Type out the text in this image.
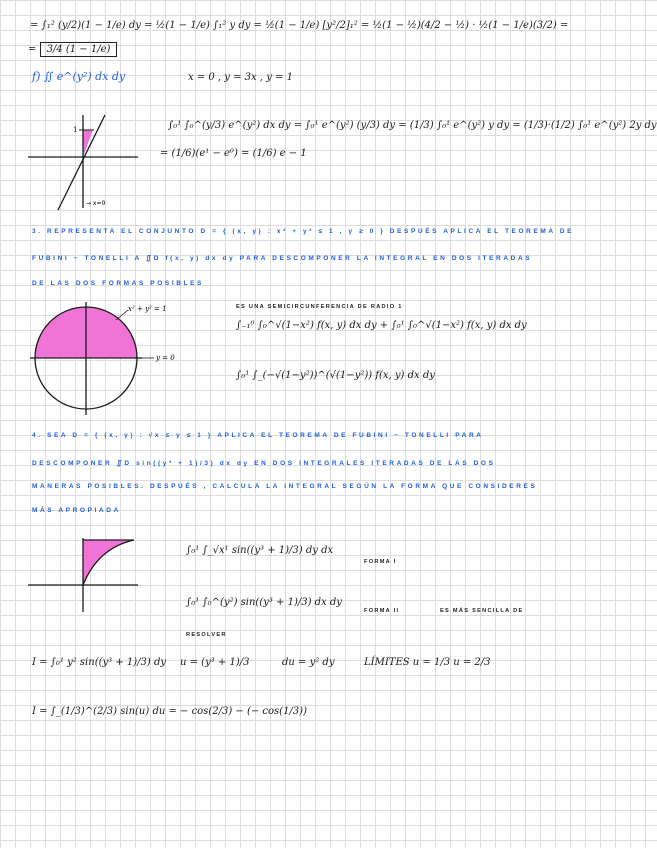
= ∫₁² (y/2)(1 − 1/e) dy = ½(1 − 1/e) ∫₁² y dy = ½(1 − 1/e) [y²/2]₁² = ½(1 − ½)(4/2 − ½) · ½(1 − 1/e)(3/2) =
= 3/4 (1 − 1/e)
f) ∬ e^(y²) dx dy	x = 0 , y = 3x , y = 1
1
→ x=0
∫₀¹ ∫₀^(y/3) e^(y²) dx dy = ∫₀¹ e^(y²) (y/3) dy = (1/3) ∫₀¹ e^(y²) y dy = (1/3)·(1/2) ∫₀¹ e^(y²) 2y dy
= (1/6)(e¹ − e⁰) = (1/6) e − 1
3. REPRESENTA EL CONJUNTO D = { (x, y) : x² + y² ≤ 1 , y ≥ 0 } DESPUÉS APLICA EL TEOREMA DE
FUBINI − TONELLI A ∬D f(x, y) dx dy PARA DESCOMPONER LA INTEGRAL EN DOS ITERADAS
DE LAS DOS FORMAS POSIBLES
x² + y² = 1
y = 0
ES UNA SEMICIRCUNFERENCIA DE RADIO 1
∫₋₁⁰ ∫₀^√(1−x²) f(x, y) dx dy + ∫₀¹ ∫₀^√(1−x²) f(x, y) dx dy
∫₀¹ ∫_(−√(1−y²))^(√(1−y²)) f(x, y) dx dy
4. SEA D = { (x, y) : √x ≤ y ≤ 1 } APLICA EL TEOREMA DE FUBINI − TONELLI PARA
DESCOMPONER ∬D sin((y³ + 1)/3) dx dy EN DOS INTEGRALES ITERADAS DE LAS DOS
MANERAS POSIBLES. DESPUÉS , CALCULA LA INTEGRAL SEGÚN LA FORMA QUE CONSIDERES
MÁS APROPIADA
∫₀¹ ∫_√x¹ sin((y³ + 1)/3) dy dx
FORMA I
∫₀¹ ∫₀^(y²) sin((y³ + 1)/3) dx dy
FORMA II	ES MÁS SENCILLA DE
RESOLVER
I = ∫₀¹ y² sin((y³ + 1)/3) dy u = (y³ + 1)/3	du = y² dy	LÍMITES u = 1/3 u = 2/3
I = ∫_(1/3)^(2/3) sin(u) du = − cos(2/3) − (− cos(1/3))
